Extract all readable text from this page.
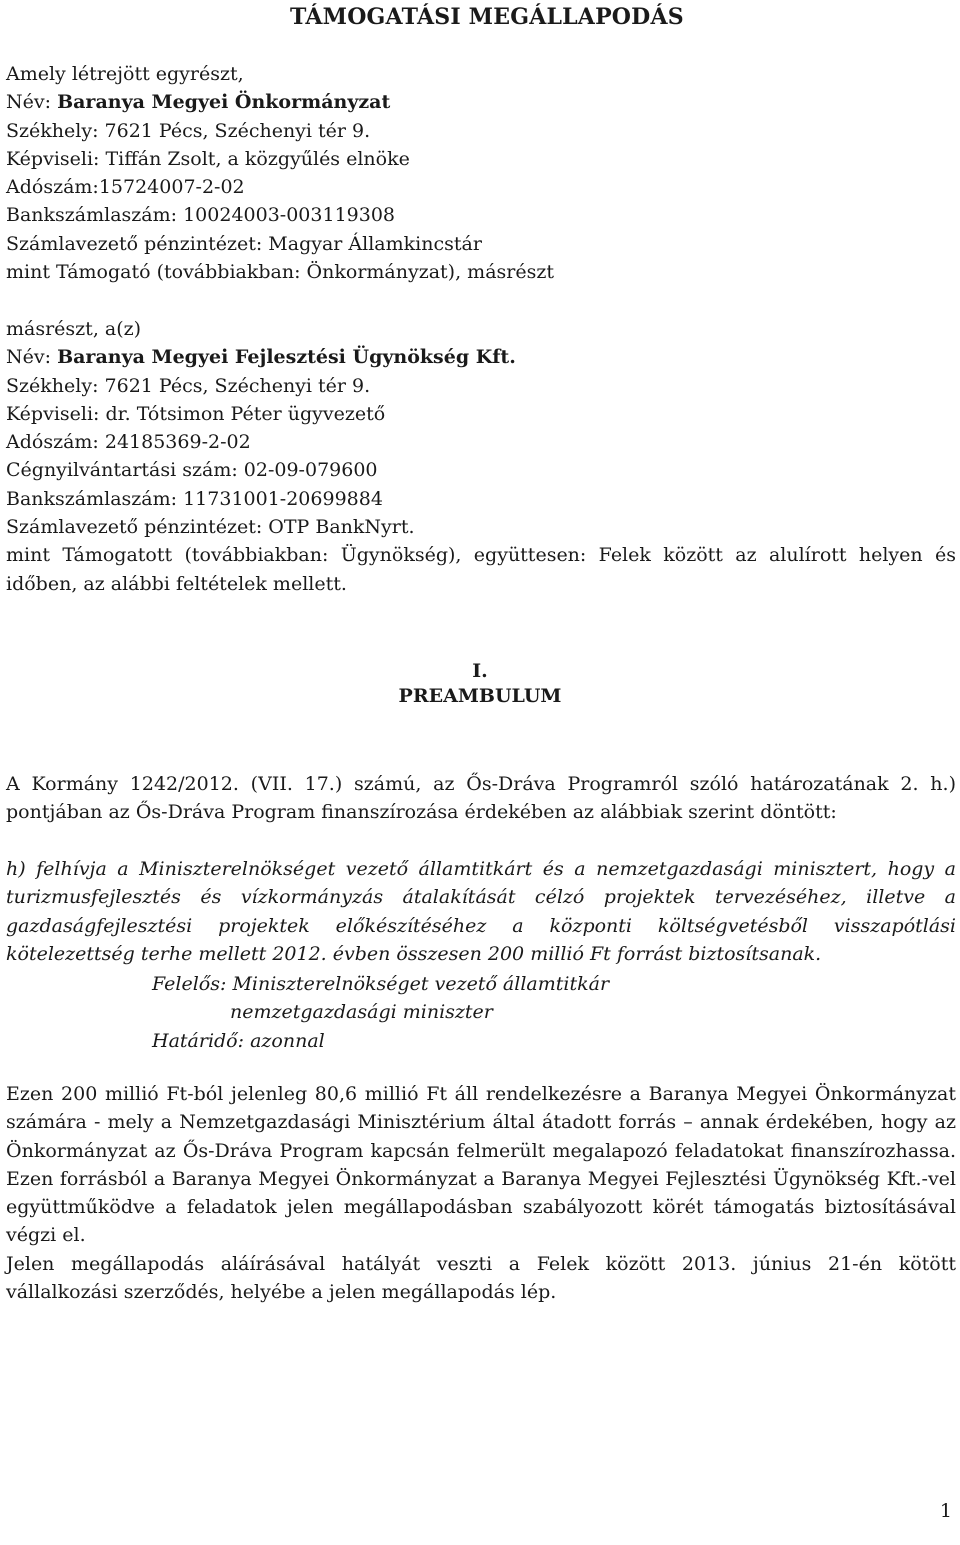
TÁMOGATÁSI MEGÁLLAPODÁS
Amely létrejött egyrészt,
Név: Baranya Megyei Önkormányzat
Székhely: 7621 Pécs, Széchenyi tér 9.
Képviseli: Tiffán Zsolt, a közgyűlés elnöke
Adószám:15724007-2-02
Bankszámlaszám: 10024003-003119308
Számlavezető pénzintézet: Magyar Államkincstár
mint Támogató (továbbiakban: Önkormányzat), másrészt
másrészt, a(z)
Név: Baranya Megyei Fejlesztési Ügynökség Kft.
Székhely: 7621 Pécs, Széchenyi tér 9.
Képviseli: dr. Tótsimon Péter ügyvezető
Adószám: 24185369-2-02
Cégnyilvántartási szám: 02-09-079600
Bankszámlaszám: 11731001-20699884
Számlavezető pénzintézet: OTP BankNyrt.
mint Támogatott (továbbiakban: Ügynökség), együttesen: Felek között az alulírott helyen és időben, az alábbi feltételek mellett.
I.
PREAMBULUM
A Kormány 1242/2012. (VII. 17.) számú, az Ős-Dráva Programról szóló határozatának 2. h.) pontjában az Ős-Dráva Program finanszírozása érdekében az alábbiak szerint döntött:
h) felhívja a Miniszterelnökséget vezető államtitkárt és a nemzetgazdasági minisztert, hogy a turizmusfejlesztés és vízkormányzás átalakítását célzó projektek tervezéséhez, illetve a gazdaságfejlesztési projektek előkészítéséhez a központi költségvetésből visszapótlási kötelezettség terhe mellett 2012. évben összesen 200 millió Ft forrást biztosítsanak.
Felelős: Miniszterelnökséget vezető államtitkár
nemzetgazdasági miniszter
Határidő: azonnal
Ezen 200 millió Ft-ból jelenleg 80,6 millió Ft áll rendelkezésre a Baranya Megyei Önkormányzat számára - mely a Nemzetgazdasági Minisztérium által átadott forrás – annak érdekében, hogy az Önkormányzat az Ős-Dráva Program kapcsán felmerült megalapozó feladatokat finanszírozhassa. Ezen forrásból a Baranya Megyei Önkormányzat a Baranya Megyei Fejlesztési Ügynökség Kft.-vel együttműködve a feladatok jelen megállapodásban szabályozott körét támogatás biztosításával végzi el.
Jelen megállapodás aláírásával hatályát veszti a Felek között 2013. június 21-én kötött vállalkozási szerződés, helyébe a jelen megállapodás lép.
1
